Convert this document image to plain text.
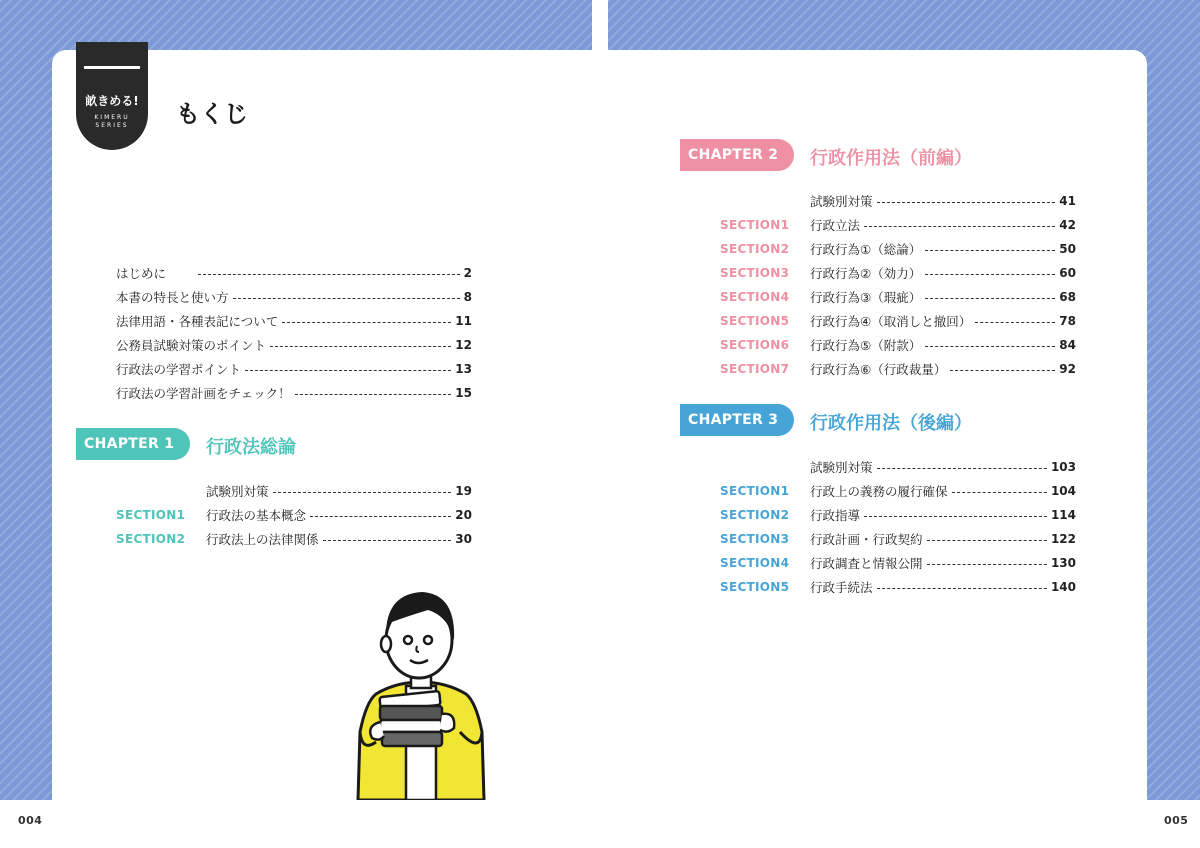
004	005
畝きめる!
KIMERU
SERIES	もくじ
はじめに	2
本書の特長と使い方	8
法律用語・各種表記について	11
公務員試験対策のポイント	12
行政法の学習ポイント	13
行政法の学習計画をチェック！	15
CHAPTER 1	行政法総論
試験別対策	19
SECTION1 行政法の基本概念	20
SECTION2 行政法上の法律関係	30
CHAPTER 2	行政作用法（前編）
試験別対策	41
SECTION1 行政立法	42
SECTION2 行政行為①（総論）	50
SECTION3 行政行為②（効力）	60
SECTION4 行政行為③（瑕疵）	68
SECTION5 行政行為④（取消しと撤回）	78
SECTION6 行政行為⑤（附款）	84
SECTION7 行政行為⑥（行政裁量）	92
CHAPTER 3	行政作用法（後編）
試験別対策	103
SECTION1 行政上の義務の履行確保	104
SECTION2 行政指導	114
SECTION3 行政計画・行政契約	122
SECTION4 行政調査と情報公開	130
SECTION5 行政手続法	140
